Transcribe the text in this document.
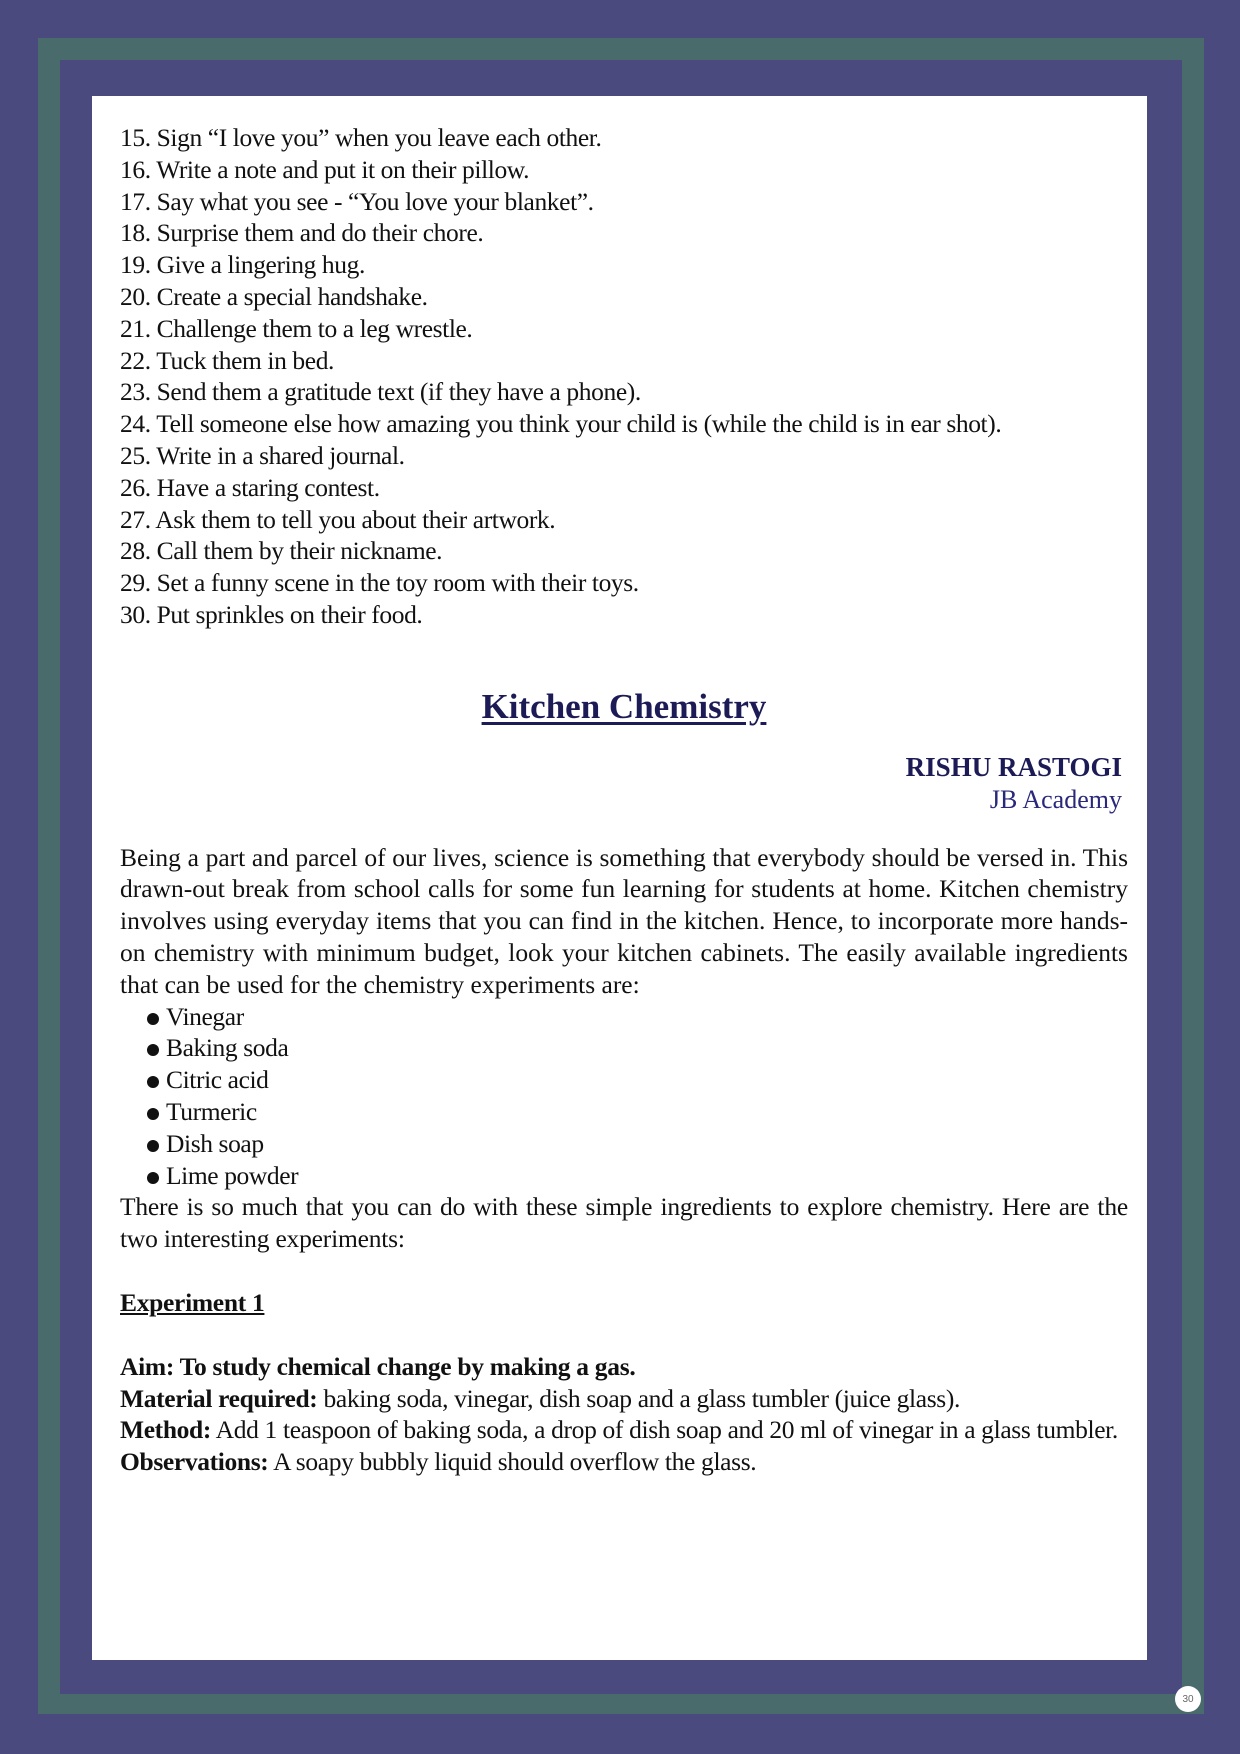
15. Sign “I love you” when you leave each other.
16. Write a note and put it on their pillow.
17. Say what you see - “You love your blanket”.
18. Surprise them and do their chore.
19. Give a lingering hug.
20. Create a special handshake.
21. Challenge them to a leg wrestle.
22. Tuck them in bed.
23. Send them a gratitude text (if they have a phone).
24. Tell someone else how amazing you think your child is (while the child is in ear shot).
25. Write in a shared journal.
26. Have a staring contest.
27. Ask them to tell you about their artwork.
28. Call them by their nickname.
29. Set a funny scene in the toy room with their toys.
30. Put sprinkles on their food.
Kitchen Chemistry
RISHU RASTOGI
JB Academy
Being a part and parcel of our lives, science is something that everybody should be versed in. This drawn-out break from school calls for some fun learning for students at home. Kitchen chemistry involves using everyday items that you can find in the kitchen. Hence, to incorporate more hands-on chemistry with minimum budget, look your kitchen cabinets. The easily available ingredients that can be used for the chemistry experiments are:
Vinegar
Baking soda
Citric acid
Turmeric
Dish soap
Lime powder
There is so much that you can do with these simple ingredients to explore chemistry. Here are the two interesting experiments:
Experiment 1
Aim: To study chemical change by making a gas.
Material required: baking soda, vinegar, dish soap and a glass tumbler (juice glass).
Method: Add 1 teaspoon of baking soda, a drop of dish soap and 20 ml of vinegar in a glass tumbler.
Observations: A soapy bubbly liquid should overflow the glass.
30
